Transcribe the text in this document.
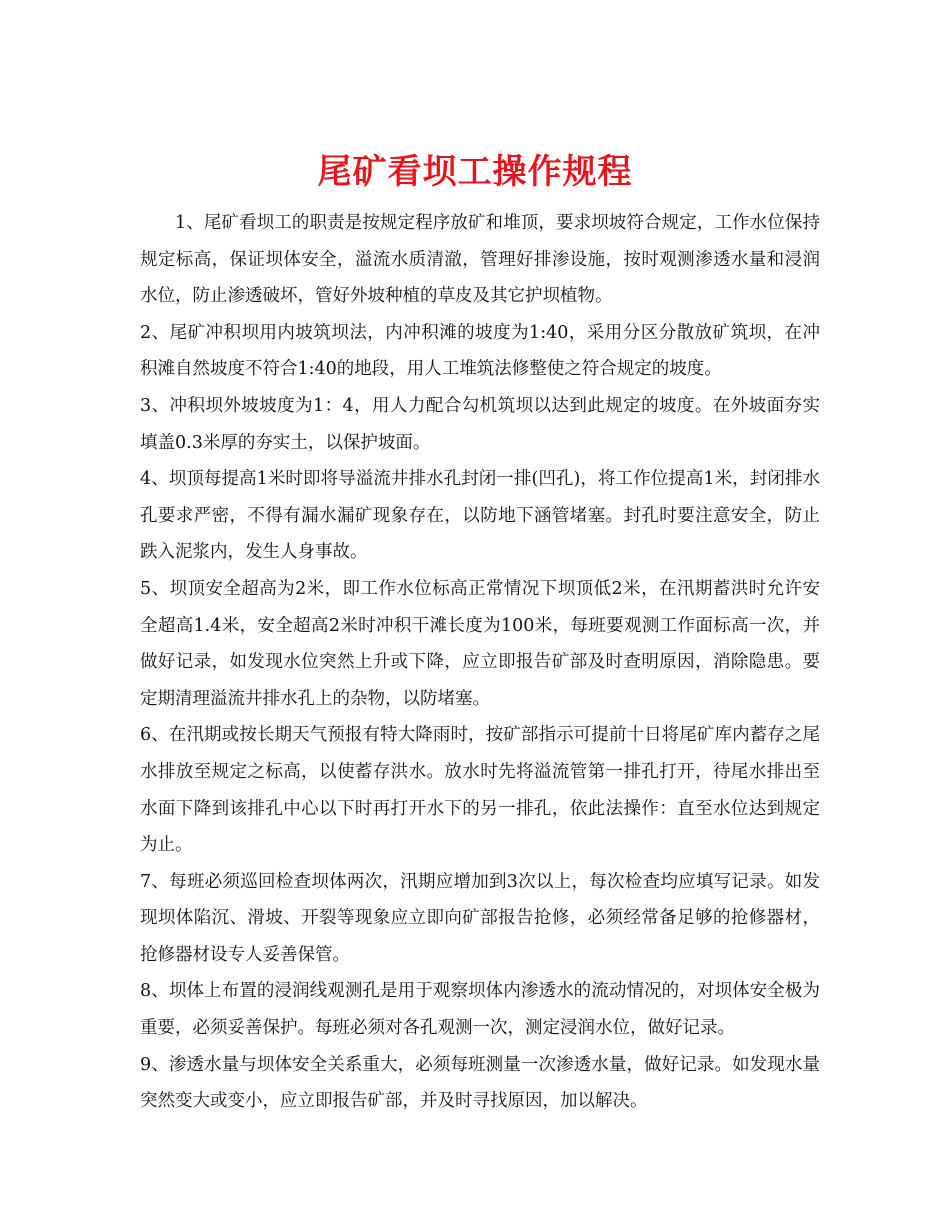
尾矿看坝工操作规程

1、尾矿看坝工的职责是按规定程序放矿和堆顶，要求坝坡符合规定，工作水位保持规定标高，保证坝体安全，溢流水质清澈，管理好排渗设施，按时观测渗透水量和浸润水位，防止渗透破坏，管好外坡种植的草皮及其它护坝植物。

2、尾矿冲积坝用内坡筑坝法，内冲积滩的坡度为1:40，采用分区分散放矿筑坝，在冲积滩自然坡度不符合1:40的地段，用人工堆筑法修整使之符合规定的坡度。

3、冲积坝外坡坡度为1：4，用人力配合勾机筑坝以达到此规定的坡度。在外坡面夯实填盖0.3米厚的夯实土，以保护坡面。

4、坝顶每提高1米时即将导溢流井排水孔封闭一排(凹孔)，将工作位提高1米，封闭排水孔要求严密，不得有漏水漏矿现象存在，以防地下涵管堵塞。封孔时要注意安全，防止跌入泥浆内，发生人身事故。

5、坝顶安全超高为2米，即工作水位标高正常情况下坝顶低2米，在汛期蓄洪时允许安全超高1.4米，安全超高2米时冲积干滩长度为100米，每班要观测工作面标高一次，并做好记录，如发现水位突然上升或下降，应立即报告矿部及时查明原因，消除隐患。要定期清理溢流井排水孔上的杂物，以防堵塞。

6、在汛期或按长期天气预报有特大降雨时，按矿部指示可提前十日将尾矿库内蓄存之尾水排放至规定之标高，以使蓄存洪水。放水时先将溢流管第一排孔打开，待尾水排出至水面下降到该排孔中心以下时再打开水下的另一排孔，依此法操作：直至水位达到规定为止。

7、每班必须巡回检查坝体两次，汛期应增加到3次以上，每次检查均应填写记录。如发现坝体陷沉、滑坡、开裂等现象应立即向矿部报告抢修，必须经常备足够的抢修器材，抢修器材设专人妥善保管。

8、坝体上布置的浸润线观测孔是用于观察坝体内渗透水的流动情况的，对坝体安全极为重要，必须妥善保护。每班必须对各孔观测一次，测定浸润水位，做好记录。

9、渗透水量与坝体安全关系重大，必须每班测量一次渗透水量，做好记录。如发现水量突然变大或变小，应立即报告矿部，并及时寻找原因，加以解决。
